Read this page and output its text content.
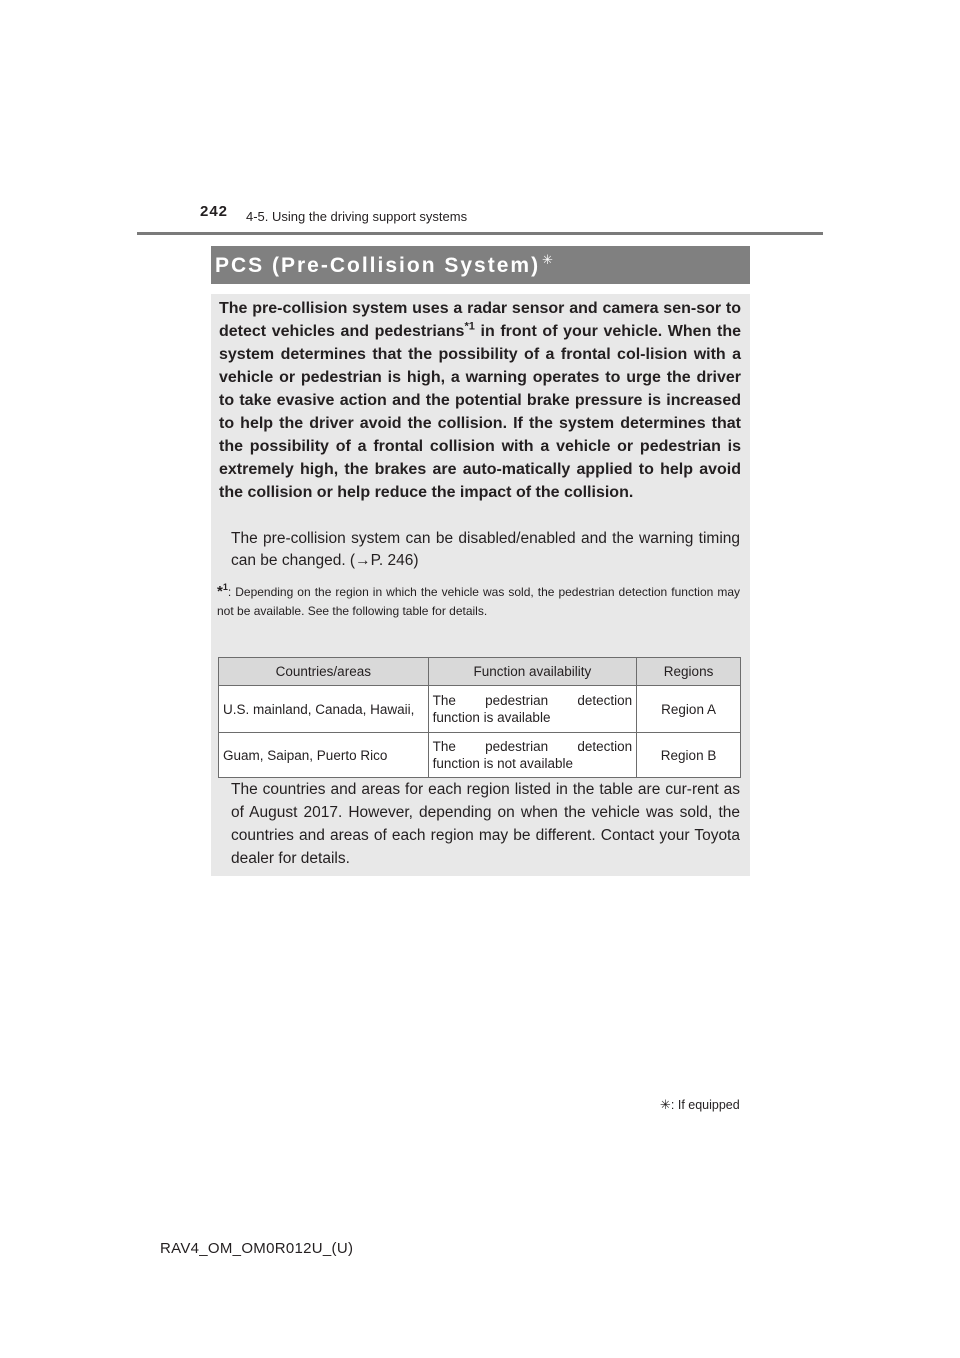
242 4-5. Using the driving support systems
PCS (Pre-Collision System) ✳
The pre-collision system uses a radar sensor and camera sen-sor to detect vehicles and pedestrians$^{*1}$ in front of your vehicle. When the system determines that the possibility of a frontal col-lision with a vehicle or pedestrian is high, a warning operates to urge the driver to take evasive action and the potential brake pressure is increased to help the driver avoid the collision. If the system determines that the possibility of a frontal collision with a vehicle or pedestrian is extremely high, the brakes are auto-matically applied to help avoid the collision or help reduce the impact of the collision.
The pre-collision system can be disabled/enabled and the warning timing can be changed. (→P. 246)
*$^1$: Depending on the region in which the vehicle was sold, the pedestrian detection function may not be available. See the following table for details.
Countries/areas	Function availability	Regions
U.S. mainland, Canada, Hawaii,	The pedestrian detection function is available	Region A
Guam, Saipan, Puerto Rico	The pedestrian detection function is not available	Region B
The countries and areas for each region listed in the table are cur-rent as of August 2017. However, depending on when the vehicle was sold, the countries and areas of each region may be different. Contact your Toyota dealer for details.
✳: If equipped
RAV4_OM_OM0R012U_(U)
